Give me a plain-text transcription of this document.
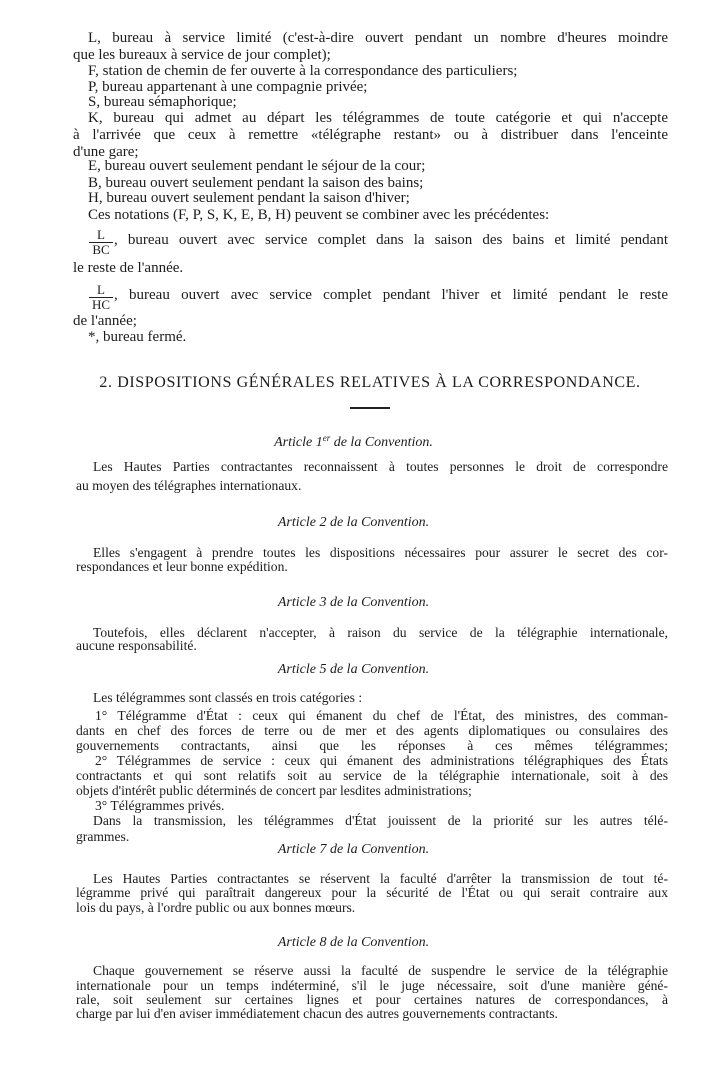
2. DISPOSITIONS GÉNÉRALES RELATIVES À LA CORRESPONDANCE.
L, bureau à service limité (c'est-à-dire ouvert pendant un nombre d'heures moindre
que les bureaux à service de jour complet);
F, station de chemin de fer ouverte à la correspondance des particuliers;
P, bureau appartenant à une compagnie privée;
S, bureau sémaphorique;
K, bureau qui admet au départ les télégrammes de toute catégorie et qui n'accepte
à l'arrivée que ceux à remettre «télégraphe restant» ou à distribuer dans l'enceinte
d'une gare;
E, bureau ouvert seulement pendant le séjour de la cour;
B, bureau ouvert seulement pendant la saison des bains;
H, bureau ouvert seulement pendant la saison d'hiver;
Ces notations (F, P, S, K, E, B, H) peuvent se combiner avec les précédentes:
, bureau ouvert avec service complet dans la saison des bains et limité pendant
le reste de l'année.
, bureau ouvert avec service complet pendant l'hiver et limité pendant le reste
de l'année;
*, bureau fermé.
$\frac{L}{BC}$
$\frac{L}{HC}$
Article 1er de la Convention.
Les Hautes Parties contractantes reconnaissent à toutes personnes le droit de correspondre
au moyen des télégraphes internationaux.
Article 2 de la Convention.
Elles s'engagent à prendre toutes les dispositions nécessaires pour assurer le secret des cor-
respondances et leur bonne expédition.
Article 3 de la Convention.
Toutefois, elles déclarent n'accepter, à raison du service de la télégraphie internationale,
aucune responsabilité.
Article 5 de la Convention.
Les télégrammes sont classés en trois catégories :
1° Télégramme d'État : ceux qui émanent du chef de l'État, des ministres, des comman-
dants en chef des forces de terre ou de mer et des agents diplomatiques ou consulaires des
gouvernements contractants, ainsi que les réponses à ces mêmes télégrammes;
2° Télégrammes de service : ceux qui émanent des administrations télégraphiques des États
contractants et qui sont relatifs soit au service de la télégraphie internationale, soit à des
objets d'intérêt public déterminés de concert par lesdites administrations;
3° Télégrammes privés.
Dans la transmission, les télégrammes d'État jouissent de la priorité sur les autres télé-
grammes.
Article 7 de la Convention.
Les Hautes Parties contractantes se réservent la faculté d'arrêter la transmission de tout té-
légramme privé qui paraîtrait dangereux pour la sécurité de l'État ou qui serait contraire aux
lois du pays, à l'ordre public ou aux bonnes mœurs.
Article 8 de la Convention.
Chaque gouvernement se réserve aussi la faculté de suspendre le service de la télégraphie
internationale pour un temps indéterminé, s'il le juge nécessaire, soit d'une manière géné-
rale, soit seulement sur certaines lignes et pour certaines natures de correspondances, à
charge par lui d'en aviser immédiatement chacun des autres gouvernements contractants.
